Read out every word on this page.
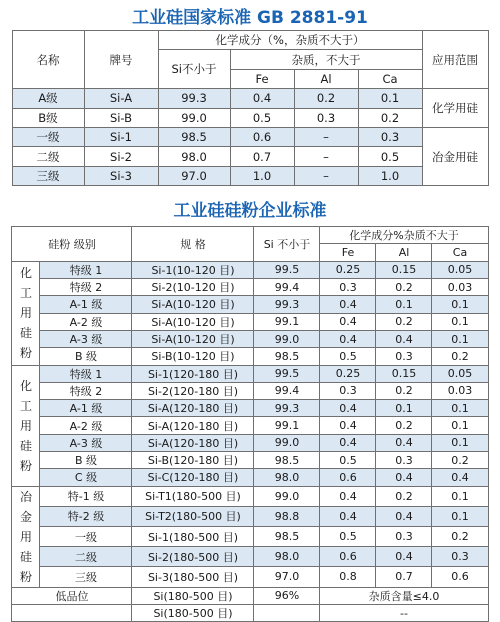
工业硅国家标准 GB 2881-91
名称	牌号	化学成分（%，杂质不大于）				应用范围
		Si不小于	杂质，不大于			
			Fe	Al	Ca	
A级	Si-A	99.3	0.4	0.2	0.1	化学用硅
B级	Si-B	99.0	0.5	0.3	0.2	
一级	Si-1	98.5	0.6	–	0.3	冶金用硅
二级	Si-2	98.0	0.7	–	0.5	
三级	Si-3	97.0	1.0	–	1.0	
工业硅硅粉企业标准
硅粉 级别		规 格	Si 不小于	化学成分%杂质不大于		
				Fe	Al	Ca

化
工
用
硅
粉	特级 1	Si-1(10-120 目)	99.5	0.25	0.15	0.05
	特级 2	Si-2(10-120 目)	99.4	0.3	0.2	0.03
	A-1 级	Si-A(10-120 目)	99.3	0.4	0.1	0.1
	A-2 级	Si-A(10-120 目)	99.1	0.4	0.2	0.1
	A-3 级	Si-A(10-120 目)	99.0	0.4	0.4	0.1
	B 级	Si-B(10-120 目)	98.5	0.5	0.3	0.2

化
工
用
硅
粉	特级 1	Si-1(120-180 目)	99.5	0.25	0.15	0.05
	特级 2	Si-2(120-180 目)	99.4	0.3	0.2	0.03
	A-1 级	Si-A(120-180 目)	99.3	0.4	0.1	0.1
	A-2 级	Si-A(120-180 目)	99.1	0.4	0.2	0.1
	A-3 级	Si-A(120-180 目)	99.0	0.4	0.4	0.1
	B 级	Si-B(120-180 目)	98.5	0.5	0.3	0.2
	C 级	Si-C(120-180 目)	98.0	0.6	0.4	0.4

冶
金
用
硅
粉	特-1 级	Si-T1(180-500 目)	99.0	0.4	0.2	0.1
	特-2 级	Si-T2(180-500 目)	98.8	0.4	0.4	0.1
	一级	Si-1(180-500 目)	98.5	0.5	0.3	0.2
	二级	Si-2(180-500 目)	98.0	0.6	0.4	0.3
	三级	Si-3(180-500 目)	97.0	0.8	0.7	0.6
低品位		Si(180-500 目)	96%	杂质含量≤4.0		
		Si(180-500 目)		--		
